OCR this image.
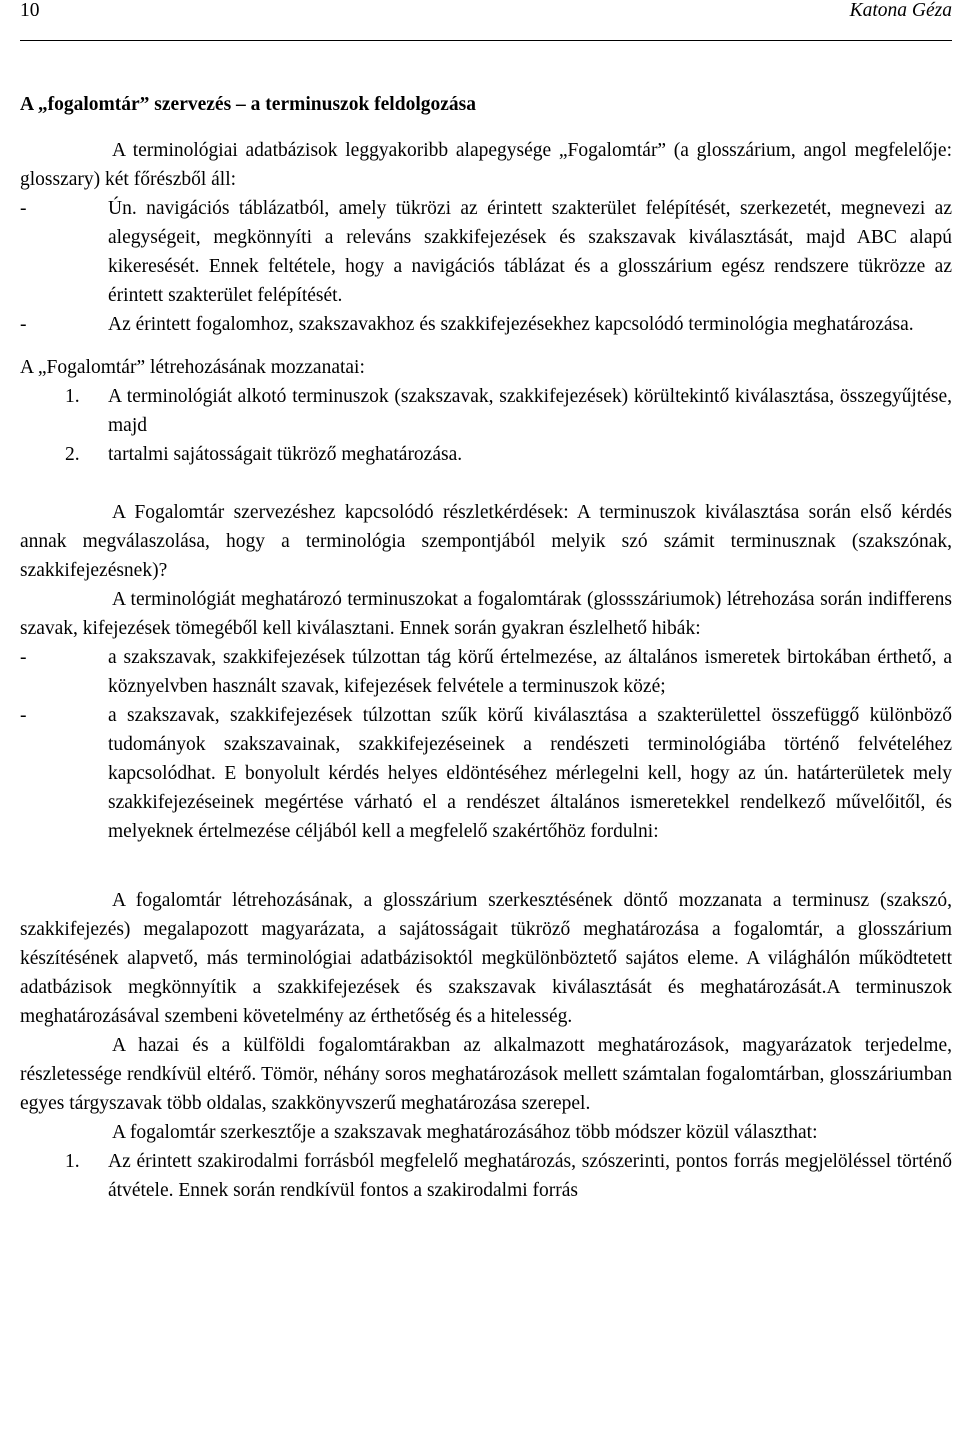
10	Katona Géza
A „fogalomtár” szervezés – a terminuszok feldolgozása

A terminológiai adatbázisok leggyakoribb alapegysége „Fogalomtár” (a glosszárium, angol megfelelője: glosszary) két főrészből áll:

-	Ún. navigációs táblázatból, amely tükrözi az érintett szakterület felépítését, szerkezetét, megnevezi az alegységeit, megkönnyíti a releváns szakkifejezések és szakszavak kiválasztását, majd ABC alapú kikeresését. Ennek feltétele, hogy a navigációs táblázat és a glosszárium egész rendszere tükrözze az érintett szakterület felépítését.
-	Az érintett fogalomhoz, szakszavakhoz és szakkifejezésekhez kapcsolódó terminológia meghatározása.

A „Fogalomtár” létrehozásának mozzanatai:

1. A terminológiát alkotó terminuszok (szakszavak, szakkifejezések) körültekintő kiválasztása, összegyűjtése, majd
2. tartalmi sajátosságait tükröző meghatározása.

A Fogalomtár szervezéshez kapcsolódó részletkérdések: A terminuszok kiválasztása során első kérdés annak megválaszolása, hogy a terminológia szempontjából melyik szó számit terminusznak (szakszónak, szakkifejezésnek)?

A terminológiát meghatározó terminuszokat a fogalomtárak (glossszáriumok) létrehozása során indifferens szavak, kifejezések tömegéből kell kiválasztani. Ennek során gyakran észlelhető hibák:

-	a szakszavak, szakkifejezések túlzottan tág körű értelmezése, az általános ismeretek birtokában érthető, a köznyelvben használt szavak, kifejezések felvétele a terminuszok közé;
-	a szakszavak, szakkifejezések túlzottan szűk körű kiválasztása a szakterülettel összefüggő különböző tudományok szakszavainak, szakkifejezéseinek a rendészeti terminológiába történő felvételéhez kapcsolódhat. E bonyolult kérdés helyes eldöntéséhez mérlegelni kell, hogy az ún. határterületek mely szakkifejezéseinek megértése várható el a rendészet általános ismeretekkel rendelkező művelőitől, és melyeknek értelmezése céljából kell a megfelelő szakértőhöz fordulni:

A fogalomtár létrehozásának, a glosszárium szerkesztésének döntő mozzanata a terminusz (szakszó, szakkifejezés) megalapozott magyarázata, a sajátosságait tükröző meghatározása a fogalomtár, a glosszárium készítésének alapvető, más terminológiai adatbázisoktól megkülönböztető sajátos eleme. A világhálón működtetett adatbázisok megkönnyítik a szakkifejezések és szakszavak kiválasztását és meghatározását.A terminuszok meghatározásával szembeni követelmény az érthetőség és a hitelesség.

A hazai és a külföldi fogalomtárakban az alkalmazott meghatározások, magyarázatok terjedelme, részletessége rendkívül eltérő. Tömör, néhány soros meghatározások mellett számtalan fogalomtárban, glosszáriumban egyes tárgyszavak több oldalas, szakkönyvszerű meghatározása szerepel.

A fogalomtár szerkesztője a szakszavak meghatározásához több módszer közül választhat:

1. Az érintett szakirodalmi forrásból megfelelő meghatározás, szószerinti, pontos forrás megjelöléssel történő átvétele. Ennek során rendkívül fontos a szakirodalmi forrás
